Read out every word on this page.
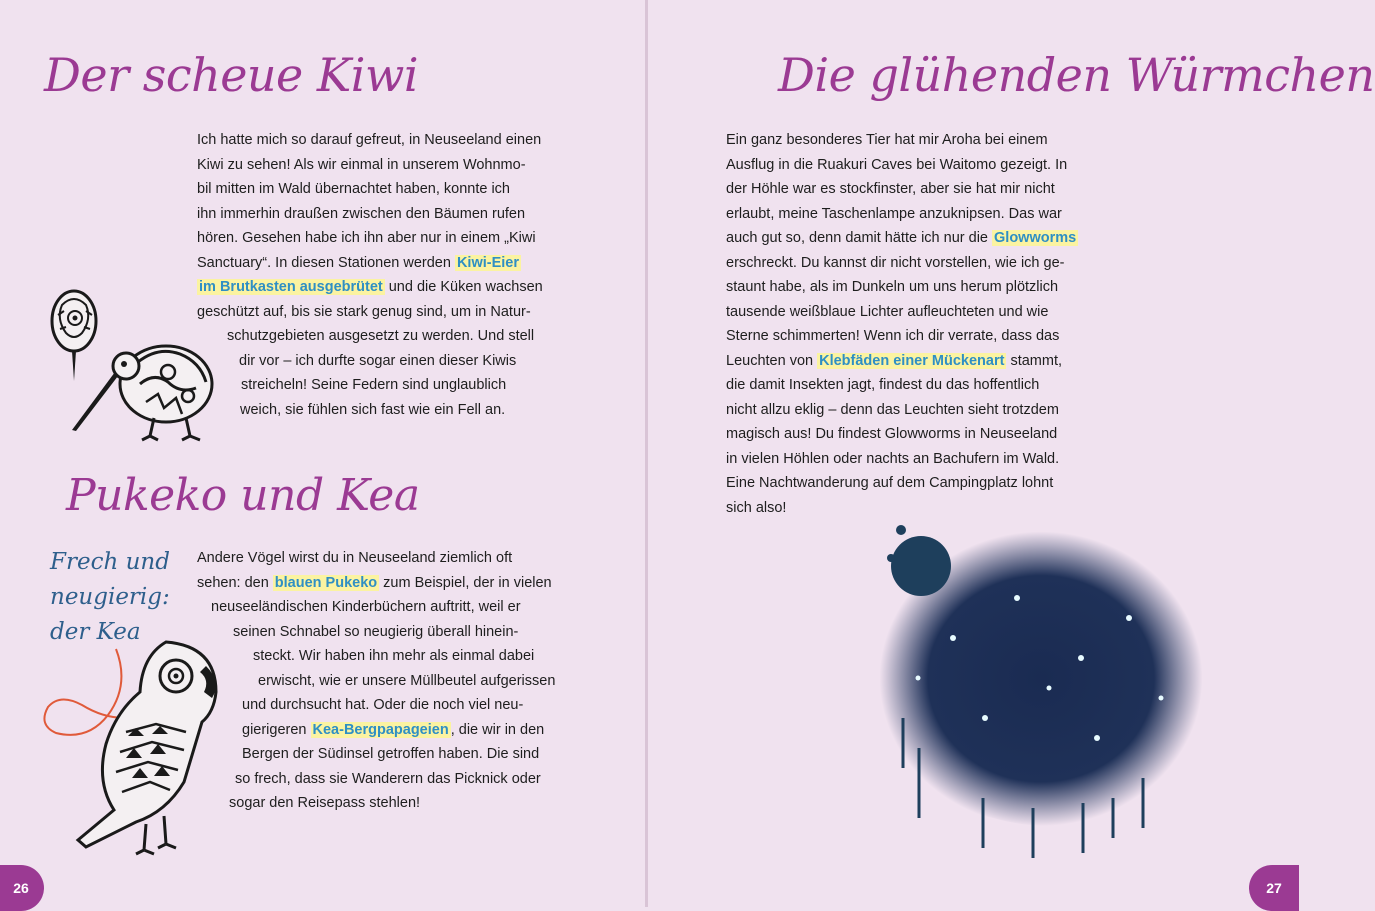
Der scheue Kiwi
Ich hatte mich so darauf gefreut, in Neuseeland einen
Kiwi zu sehen! Als wir einmal in unserem Wohnmo-
bil mitten im Wald übernachtet haben, konnte ich
ihn immerhin draußen zwischen den Bäumen rufen
hören. Gesehen habe ich ihn aber nur in einem „Kiwi
Sanctuary“. In diesen Stationen werden Kiwi-Eier
im Brutkasten ausgebrütet und die Küken wachsen
geschützt auf, bis sie stark genug sind, um in Natur-
schutzgebieten ausgesetzt zu werden. Und stell
dir vor – ich durfte sogar einen dieser Kiwis
streicheln! Seine Federn sind unglaublich
weich, sie fühlen sich fast wie ein Fell an.
Pukeko und Kea
Frech und
neugierig:
der Kea
Andere Vögel wirst du in Neuseeland ziemlich oft
sehen: den blauen Pukeko zum Beispiel, der in vielen
neuseeländischen Kinderbüchern auftritt, weil er
seinen Schnabel so neugierig überall hinein-
steckt. Wir haben ihn mehr als einmal dabei
erwischt, wie er unsere Müllbeutel aufgerissen
und durchsucht hat. Oder die noch viel neu-
gierigeren Kea-Bergpapageien , die wir in den
Bergen der Südinsel getroffen haben. Die sind
so frech, dass sie Wanderern das Picknick oder
sogar den Reisepass stehlen!
26
Die glühenden Würmchen
Ein ganz besonderes Tier hat mir Aroha bei einem
Ausflug in die Ruakuri Caves bei Waitomo gezeigt. In
der Höhle war es stockfinster, aber sie hat mir nicht
erlaubt, meine Taschenlampe anzuknipsen. Das war
auch gut so, denn damit hätte ich nur die Glowworms
erschreckt. Du kannst dir nicht vorstellen, wie ich ge-
staunt habe, als im Dunkeln um uns herum plötzlich
tausende weißblaue Lichter aufleuchteten und wie
Sterne schimmerten! Wenn ich dir verrate, dass das
Leuchten von Klebfäden einer Mückenart stammt,
die damit Insekten jagt, findest du das hoffentlich
nicht allzu eklig – denn das Leuchten sieht trotzdem
magisch aus! Du findest Glowworms in Neuseeland
in vielen Höhlen oder nachts an Bachufern im Wald.
Eine Nachtwanderung auf dem Campingplatz lohnt
sich also!
27
